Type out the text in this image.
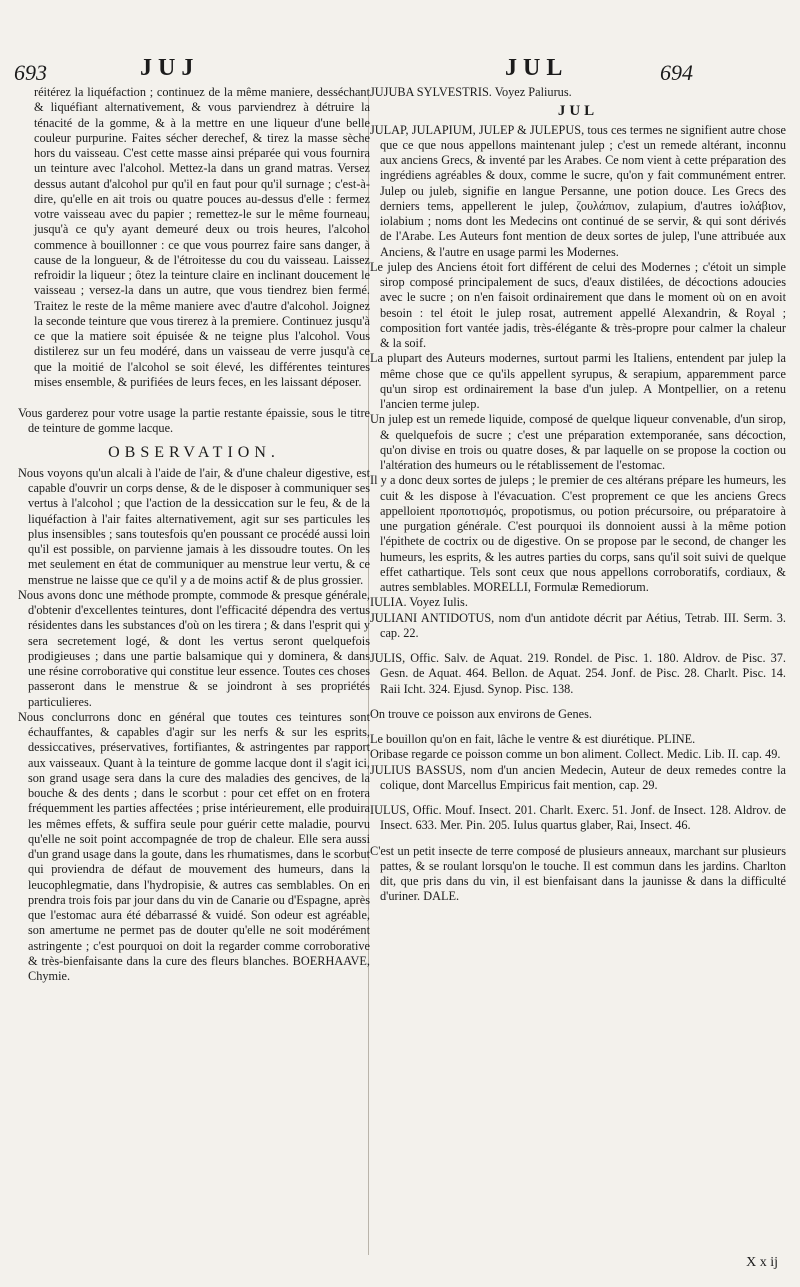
693	JUJ	JUL	694

réitérez la liquéfaction ; continuez de la même maniere, desséchant & liquéfiant alternativement, & vous parviendrez à détruire la ténacité de la gomme, & à la mettre en une liqueur d'une belle couleur purpurine. Faites sécher derechef, & tirez la masse sèche hors du vaisseau. C'est cette masse ainsi préparée qui vous fournira un teinture avec l'alcohol. Mettez-la dans un grand matras. Versez dessus autant d'alcohol pur qu'il en faut pour qu'il surnage ; c'est-à-dire, qu'elle en ait trois ou quatre pouces au-dessus d'elle : fermez votre vaisseau avec du papier ; remettez-le sur le même fourneau, jusqu'à ce qu'y ayant demeuré deux ou trois heures, l'alcohol commence à bouillonner : ce que vous pourrez faire sans danger, à cause de la longueur, & de l'étroitesse du cou du vaisseau. Laissez refroidir la liqueur ; ôtez la teinture claire en inclinant doucement le vaisseau ; versez-la dans un autre, que vous tiendrez bien fermé. Traitez le reste de la même maniere avec d'autre d'alcohol. Joignez la seconde teinture que vous tirerez à la premiere. Continuez jusqu'à ce que la matiere soit épuisée & ne teigne plus l'alcohol. Vous distilerez sur un feu modéré, dans un vaisseau de verre jusqu'à ce que la moitié de l'alcohol se soit élevé, les différentes teintures mises ensemble, & purifiées de leurs feces, en les laissant déposer.

Vous garderez pour votre usage la partie restante épaissie, sous le titre de teinture de gomme lacque.

OBSERVATION.

Nous voyons qu'un alcali à l'aide de l'air, & d'une chaleur digestive, est capable d'ouvrir un corps dense, & de le disposer à communiquer ses vertus à l'alcohol ; que l'action de la dessiccation sur le feu, & de la liquéfaction à l'air faites alternativement, agit sur ses particules les plus insensibles ; sans toutesfois qu'en poussant ce procédé aussi loin qu'il est possible, on parvienne jamais à les dissoudre toutes. On les met seulement en état de communiquer au menstrue leur vertu, & ce menstrue ne laisse que ce qu'il y a de moins actif & de plus grossier.

Nous avons donc une méthode prompte, commode & presque générale, d'obtenir d'excellentes teintures, dont l'efficacité dépendra des vertus résidentes dans les substances d'où on les tirera ; & dans l'esprit qui y sera secretement logé, & dont les vertus seront quelquefois prodigieuses ; dans une partie balsamique qui y dominera, & dans une résine corroborative qui constitue leur essence. Toutes ces choses passeront dans le menstrue & se joindront à ses propriétés particulieres.

Nous conclurrons donc en général que toutes ces teintures sont échauffantes, & capables d'agir sur les nerfs & sur les esprits, dessiccatives, préservatives, fortifiantes, & astringentes par rapport aux vaisseaux. Quant à la teinture de gomme lacque dont il s'agit ici, son grand usage sera dans la cure des maladies des gencives, de la bouche & des dents ; dans le scorbut : pour cet effet on en frotera fréquemment les parties affectées ; prise intérieurement, elle produira les mêmes effets, & suffira seule pour guérir cette maladie, pourvu qu'elle ne soit point accompagnée de trop de chaleur. Elle sera aussi d'un grand usage dans la goute, dans les rhumatismes, dans le scorbut qui proviendra de défaut de mouvement des humeurs, dans la leucophlegmatie, dans l'hydropisie, & autres cas semblables. On en prendra trois fois par jour dans du vin de Canarie ou d'Espagne, après que l'estomac aura été débarrassé & vuidé. Son odeur est agréable, son amertume ne permet pas de douter qu'elle ne soit modérément astringente ; c'est pourquoi on doit la regarder comme corroborative & très-bienfaisante dans la cure des fleurs blanches. BOERHAAVE, Chymie.

JUJUBA SYLVESTRIS. Voyez Paliurus.

JUL

JULAP, JULAPIUM, JULEP & JULEPUS, tous ces termes ne signifient autre chose que ce que nous appellons maintenant julep ; c'est un remede altérant, inconnu aux anciens Grecs, & inventé par les Arabes. Ce nom vient à cette préparation des ingrédiens agréables & doux, comme le sucre, qu'on y fait communément entrer. Julep ou juleb, signifie en langue Persanne, une potion douce. Les Grecs des derniers tems, appellerent le julep, ζουλάπιον, zulapium, d'autres ἰολάβιον, iolabium ; noms dont les Medecins ont continué de se servir, & qui sont dérivés de l'Arabe. Les Auteurs font mention de deux sortes de julep, l'une attribuée aux Anciens, & l'autre en usage parmi les Modernes.

Le julep des Anciens étoit fort différent de celui des Modernes ; c'étoit un simple sirop composé principalement de sucs, d'eaux distilées, de décoctions adoucies avec le sucre ; on n'en faisoit ordinairement que dans le moment où on en avoit besoin : tel étoit le julep rosat, autrement appellé Alexandrin, & Royal ; composition fort vantée jadis, très-élégante & très-propre pour calmer la chaleur & la soif.

La plupart des Auteurs modernes, surtout parmi les Italiens, entendent par julep la même chose que ce qu'ils appellent syrupus, & serapium, apparemment parce qu'un sirop est ordinairement la base d'un julep. A Montpellier, on a retenu l'ancien terme julep.

Un julep est un remede liquide, composé de quelque liqueur convenable, d'un sirop, & quelquefois de sucre ; c'est une préparation extemporanée, sans décoction, qu'on divise en trois ou quatre doses, & par laquelle on se propose la coction ou l'altération des humeurs ou le rétablissement de l'estomac.

Il y a donc deux sortes de juleps ; le premier de ces altérans prépare les humeurs, les cuit & les dispose à l'évacuation. C'est proprement ce que les anciens Grecs appelloient προποτισμός, propotismus, ou potion précursoire, ou préparatoire à une purgation générale. C'est pourquoi ils donnoient aussi à la même potion l'épithete de coctrix ou de digestive. On se propose par le second, de changer les humeurs, les esprits, & les autres parties du corps, sans qu'il soit suivi de quelque effet cathartique. Tels sont ceux que nous appellons corroboratifs, cordiaux, & autres semblables. MORELLI, Formulæ Remediorum.

IULIA. Voyez Iulis.

JULIANI ANTIDOTUS, nom d'un antidote décrit par Aétius, Tetrab. III. Serm. 3. cap. 22.

JULIS, Offic. Salv. de Aquat. 219. Rondel. de Pisc. 1. 180. Aldrov. de Pisc. 37. Gesn. de Aquat. 464. Bellon. de Aquat. 254. Jonf. de Pisc. 28. Charlt. Pisc. 14. Raii Icht. 324. Ejusd. Synop. Pisc. 138.

On trouve ce poisson aux environs de Genes.

Le bouillon qu'on en fait, lâche le ventre & est diurétique. PLINE.

Oribase regarde ce poisson comme un bon aliment. Collect. Medic. Lib. II. cap. 49.

JULIUS BASSUS, nom d'un ancien Medecin, Auteur de deux remedes contre la colique, dont Marcellus Empiricus fait mention, cap. 29.

IULUS, Offic. Mouf. Insect. 201. Charlt. Exerc. 51. Jonf. de Insect. 128. Aldrov. de Insect. 633. Mer. Pin. 205. Iulus quartus glaber, Rai, Insect. 46.

C'est un petit insecte de terre composé de plusieurs anneaux, marchant sur plusieurs pattes, & se roulant lorsqu'on le touche. Il est commun dans les jardins. Charlton dit, que pris dans du vin, il est bienfaisant dans la jaunisse & dans la difficulté d'uriner. DALE.

X x ij
